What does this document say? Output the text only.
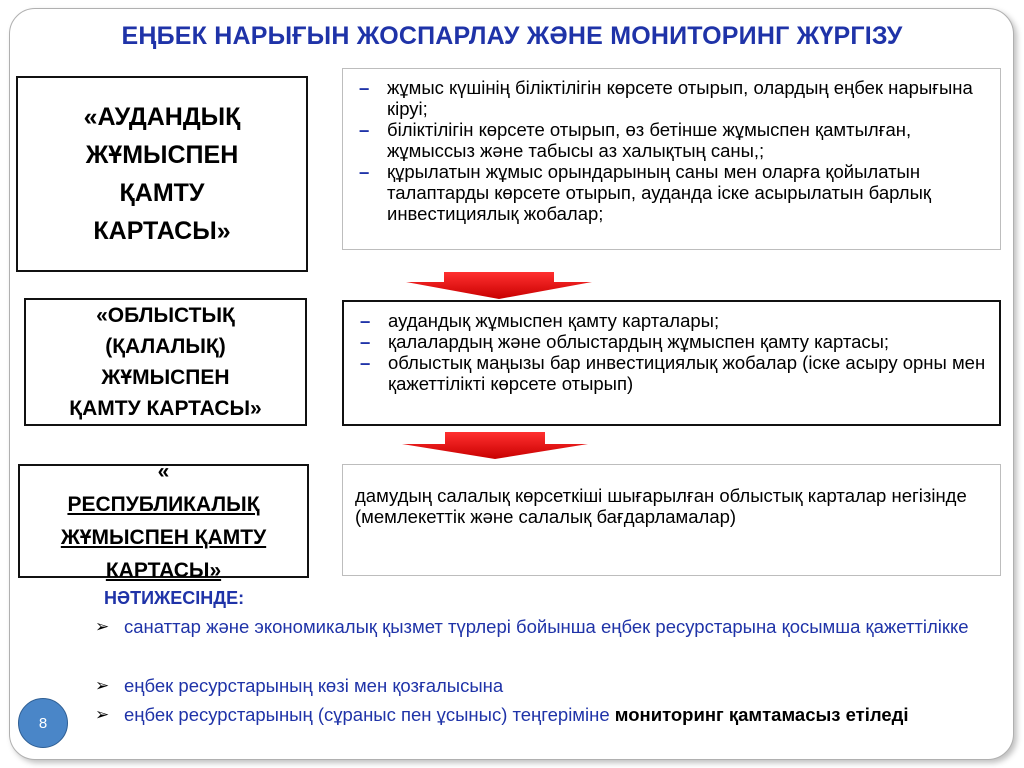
ЕҢБЕК НАРЫҒЫН ЖОСПАРЛАУ ЖӘНЕ МОНИТОРИНГ ЖҮРГІЗУ
«АУДАНДЫҚ
ЖҰМЫСПЕН
ҚАМТУ
КАРТАСЫ»
«ОБЛЫСТЫҚ
(ҚАЛАЛЫҚ)
ЖҰМЫСПЕН
ҚАМТУ КАРТАСЫ»
«
РЕСПУБЛИКАЛЫҚ
ЖҰМЫСПЕН ҚАМТУ
КАРТАСЫ»
– жұмыс күшінің біліктілігін көрсете отырып, олардың еңбек нарығына кіруі;
– біліктілігін көрсете отырып, өз бетінше жұмыспен қамтылған, жұмыссыз және табысы аз халықтың саны,;
– құрылатын жұмыс орындарының саны мен оларға қойылатын талаптарды көрсете отырып, ауданда іске асырылатын барлық инвестициялық жобалар;
– аудандық жұмыспен қамту карталары;
– қалалардың және облыстардың жұмыспен қамту картасы;
– облыстық маңызы бар инвестициялық жобалар (іске асыру орны мен қажеттілікті көрсете отырып)
дамудың салалық көрсеткіші шығарылған облыстық карталар негізінде (мемлекеттік және салалық бағдарламалар)
НӘТИЖЕСІНДЕ:
➢ санаттар және экономикалық қызмет түрлері бойынша еңбек ресурстарына қосымша қажеттілікке
➢ еңбек ресурстарының көзі мен қозғалысына
➢ еңбек ресурстарының (сұраныс пен ұсыныс) теңгеріміне мониторинг қамтамасыз етіледі
8
